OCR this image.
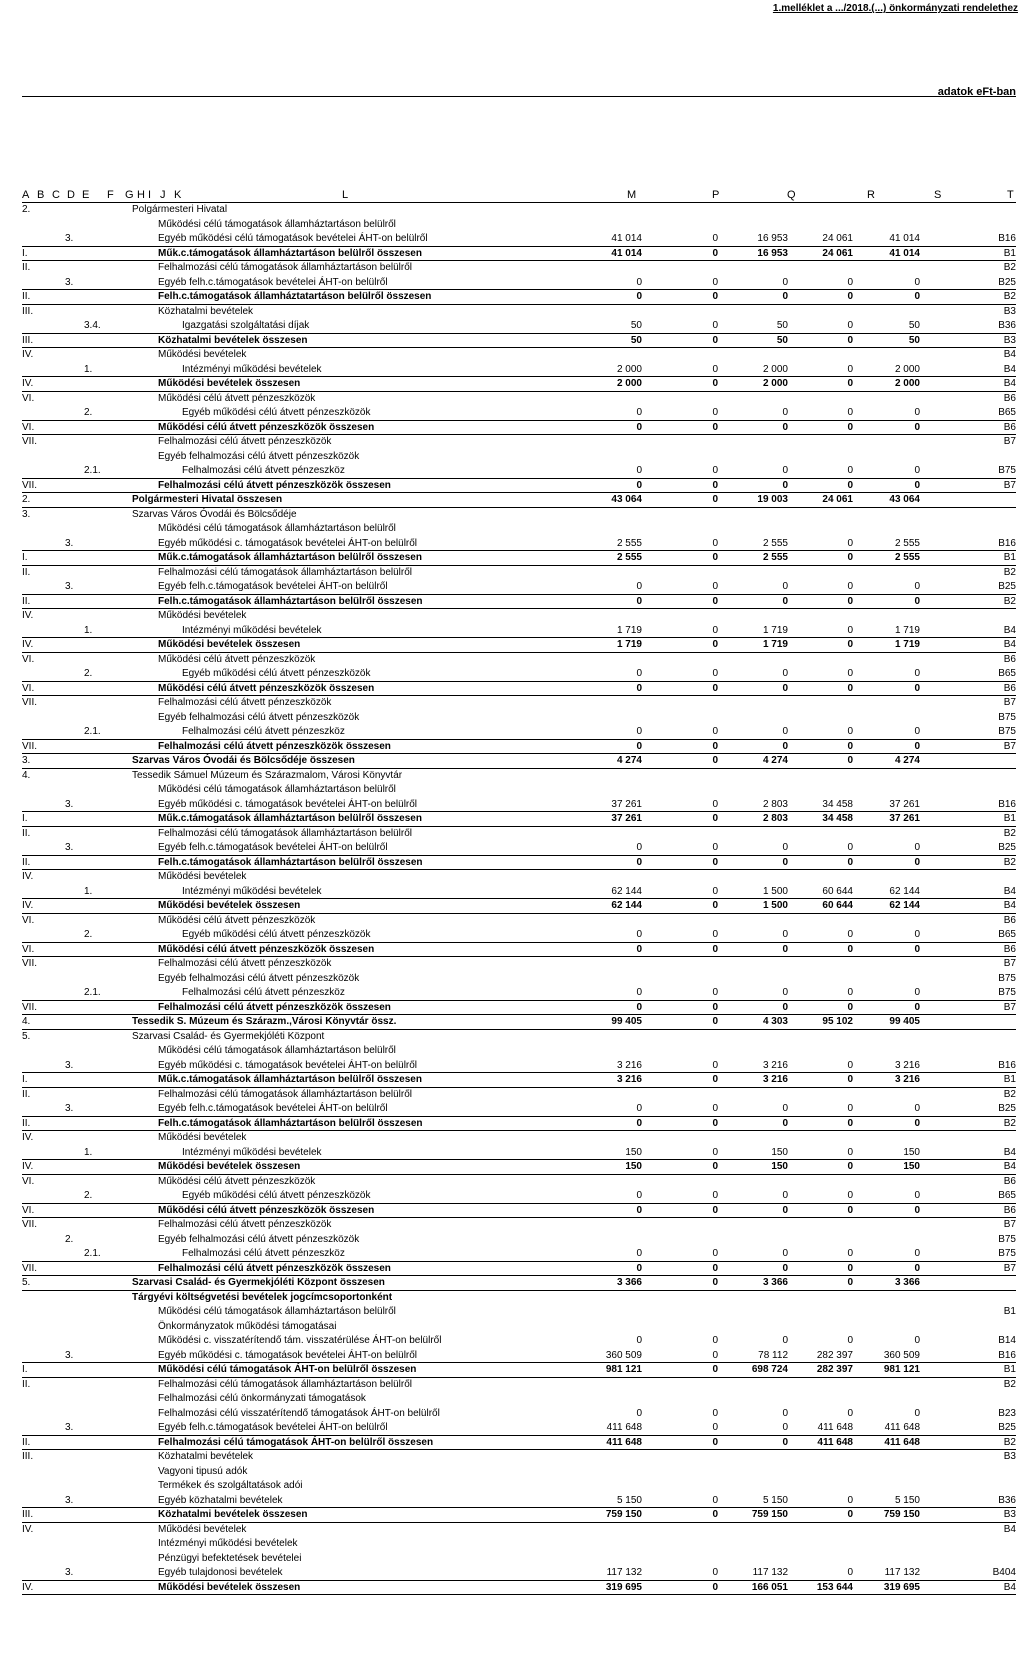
1.melléklet a .../2018.(...) önkormányzati rendelethez
adatok eFt-ban
A B C D E F G H I J K	L	M	P	Q	R	S	T
2.	Polgármesteri Hivatal
Működési célú támogatások államháztartáson belülről
3.	Egyéb működési célú támogatások bevételei ÁHT-on belülről	41 014	0	16 953	24 061	41 014	B16
I.	Műk.c.támogatások államháztartáson belülről összesen	41 014	0	16 953	24 061	41 014	B1
II.	Felhalmozási célú támogatások államháztartáson belülről	B2
3.	Egyéb felh.c.támogatások bevételei ÁHT-on belülről	0	0	0	0	0	B25
II.	Felh.c.támogatások államháztatartáson belülről összesen	0	0	0	0	0	B2
III.	Közhatalmi bevételek	B3
3.4.	Igazgatási szolgáltatási díjak	50	0	50	0	50	B36
III.	Közhatalmi bevételek összesen	50	0	50	0	50	B3
IV.	Működési bevételek	B4
1.	Intézményi működési bevételek	2 000	0	2 000	0	2 000	B4
IV.	Működési bevételek összesen	2 000	0	2 000	0	2 000	B4
VI.	Működési célú átvett pénzeszközök	B6
2.	Egyéb működési célú átvett pénzeszközök	0	0	0	0	0	B65
VI.	Működési célú átvett pénzeszközök összesen	0	0	0	0	0	B6
VII.	Felhalmozási célú átvett pénzeszközök	B7
Egyéb felhalmozási célú átvett pénzeszközök
2.1.	Felhalmozási célú átvett pénzeszköz	0	0	0	0	0	B75
VII.	Felhalmozási célú átvett pénzeszközök összesen	0	0	0	0	0	B7
2.	Polgármesteri Hivatal összesen	43 064	0	19 003	24 061	43 064
3.	Szarvas Város Óvodái és Bölcsődéje
Működési célú támogatások államháztartáson belülről
3.	Egyéb működési c. támogatások bevételei ÁHT-on belülről	2 555	0	2 555	0	2 555	B16
I.	Műk.c.támogatások államháztartáson belülről összesen	2 555	0	2 555	0	2 555	B1
II.	Felhalmozási célú támogatások államháztartáson belülről	B2
3.	Egyéb felh.c.támogatások bevételei ÁHT-on belülről	0	0	0	0	0	B25
II.	Felh.c.támogatások államháztartáson belülről összesen	0	0	0	0	0	B2
IV.	Működési bevételek
1.	Intézményi működési bevételek	1 719	0	1 719	0	1 719	B4
IV.	Működési bevételek összesen	1 719	0	1 719	0	1 719	B4
VI.	Működési célú átvett pénzeszközök	B6
2.	Egyéb működési célú átvett pénzeszközök	0	0	0	0	0	B65
VI.	Működési célú átvett pénzeszközök összesen	0	0	0	0	0	B6
VII.	Felhalmozási célú átvett pénzeszközök	B7
Egyéb felhalmozási célú átvett pénzeszközök	B75
2.1.	Felhalmozási célú átvett pénzeszköz	0	0	0	0	0	B75
VII.	Felhalmozási célú átvett pénzeszközök összesen	0	0	0	0	0	B7
3.	Szarvas Város Óvodái és Bölcsődéje összesen	4 274	0	4 274	0	4 274
4.	Tessedik Sámuel Múzeum és Szárazmalom, Városi Könyvtár
Működési célú támogatások államháztartáson belülről
3.	Egyéb működési c. támogatások bevételei ÁHT-on belülről	37 261	0	2 803	34 458	37 261	B16
I.	Műk.c.támogatások államháztartáson belülről összesen	37 261	0	2 803	34 458	37 261	B1
II.	Felhalmozási célú támogatások államháztartáson belülről	B2
3.	Egyéb felh.c.támogatások bevételei ÁHT-on belülről	0	0	0	0	0	B25
II.	Felh.c.támogatások államháztartáson belülről összesen	0	0	0	0	0	B2
IV.	Működési bevételek
1.	Intézményi működési bevételek	62 144	0	1 500	60 644	62 144	B4
IV.	Működési bevételek összesen	62 144	0	1 500	60 644	62 144	B4
VI.	Működési célú átvett pénzeszközök	B6
2.	Egyéb működési célú átvett pénzeszközök	0	0	0	0	0	B65
VI.	Működési célú átvett pénzeszközök összesen	0	0	0	0	0	B6
VII.	Felhalmozási célú átvett pénzeszközök	B7
Egyéb felhalmozási célú átvett pénzeszközök	B75
2.1.	Felhalmozási célú átvett pénzeszköz	0	0	0	0	0	B75
VII.	Felhalmozási célú átvett pénzeszközök összesen	0	0	0	0	0	B7
4.	Tessedik S. Múzeum és Szárazm.,Városi Könyvtár össz.	99 405	0	4 303	95 102	99 405
5.	Szarvasi Család- és Gyermekjóléti Központ
Működési célú támogatások államháztartáson belülről
3.	Egyéb működési c. támogatások bevételei ÁHT-on belülről	3 216	0	3 216	0	3 216	B16
I.	Műk.c.támogatások államháztartáson belülről összesen	3 216	0	3 216	0	3 216	B1
II.	Felhalmozási célú támogatások államháztartáson belülről	B2
3.	Egyéb felh.c.támogatások bevételei ÁHT-on belülről	0	0	0	0	0	B25
II.	Felh.c.támogatások államháztartáson belülről összesen	0	0	0	0	0	B2
IV.	Működési bevételek
1.	Intézményi működési bevételek	150	0	150	0	150	B4
IV.	Működési bevételek összesen	150	0	150	0	150	B4
VI.	Működési célú átvett pénzeszközök	B6
2.	Egyéb működési célú átvett pénzeszközök	0	0	0	0	0	B65
VI.	Működési célú átvett pénzeszközök összesen	0	0	0	0	0	B6
VII.	Felhalmozási célú átvett pénzeszközök	B7
2.	Egyéb felhalmozási célú átvett pénzeszközök	B75
2.1.	Felhalmozási célú átvett pénzeszköz	0	0	0	0	0	B75
VII.	Felhalmozási célú átvett pénzeszközök összesen	0	0	0	0	0	B7
5.	Szarvasi Család- és Gyermekjóléti Központ összesen	3 366	0	3 366	0	3 366
Tárgyévi költségvetési bevételek jogcímcsoportonként
Működési célú támogatások államháztartáson belülről	B1
Önkormányzatok működési támogatásai
Működési c. visszatérítendő tám. visszatérülése ÁHT-on belülről	0	0	0	0	0	B14
3.	Egyéb működési c. támogatások bevételei ÁHT-on belülről	360 509	0	78 112	282 397	360 509	B16
I.	Működési célú támogatások ÁHT-on belülről összesen	981 121	0	698 724	282 397	981 121	B1
II.	Felhalmozási célú támogatások államháztartáson belülről	B2
Felhalmozási célú önkormányzati támogatások
Felhalmozási célú visszatérítendő támogatások ÁHT-on belülről	0	0	0	0	0	B23
3.	Egyéb felh.c.támogatások bevételei ÁHT-on belülről	411 648	0	0	411 648	411 648	B25
II.	Felhalmozási célú támogatások ÁHT-on belülről összesen	411 648	0	0	411 648	411 648	B2
III.	Közhatalmi bevételek	B3
Vagyoni tipusú adók
Termékek és szolgáltatások adói
3.	Egyéb közhatalmi bevételek	5 150	0	5 150	0	5 150	B36
III.	Közhatalmi bevételek összesen	759 150	0	759 150	0	759 150	B3
IV.	Működési bevételek	B4
Intézményi működési bevételek
Pénzügyi befektetések bevételei
3.	Egyéb tulajdonosi bevételek	117 132	0	117 132	0	117 132	B404
IV.	Működési bevételek összesen	319 695	0	166 051	153 644	319 695	B4
